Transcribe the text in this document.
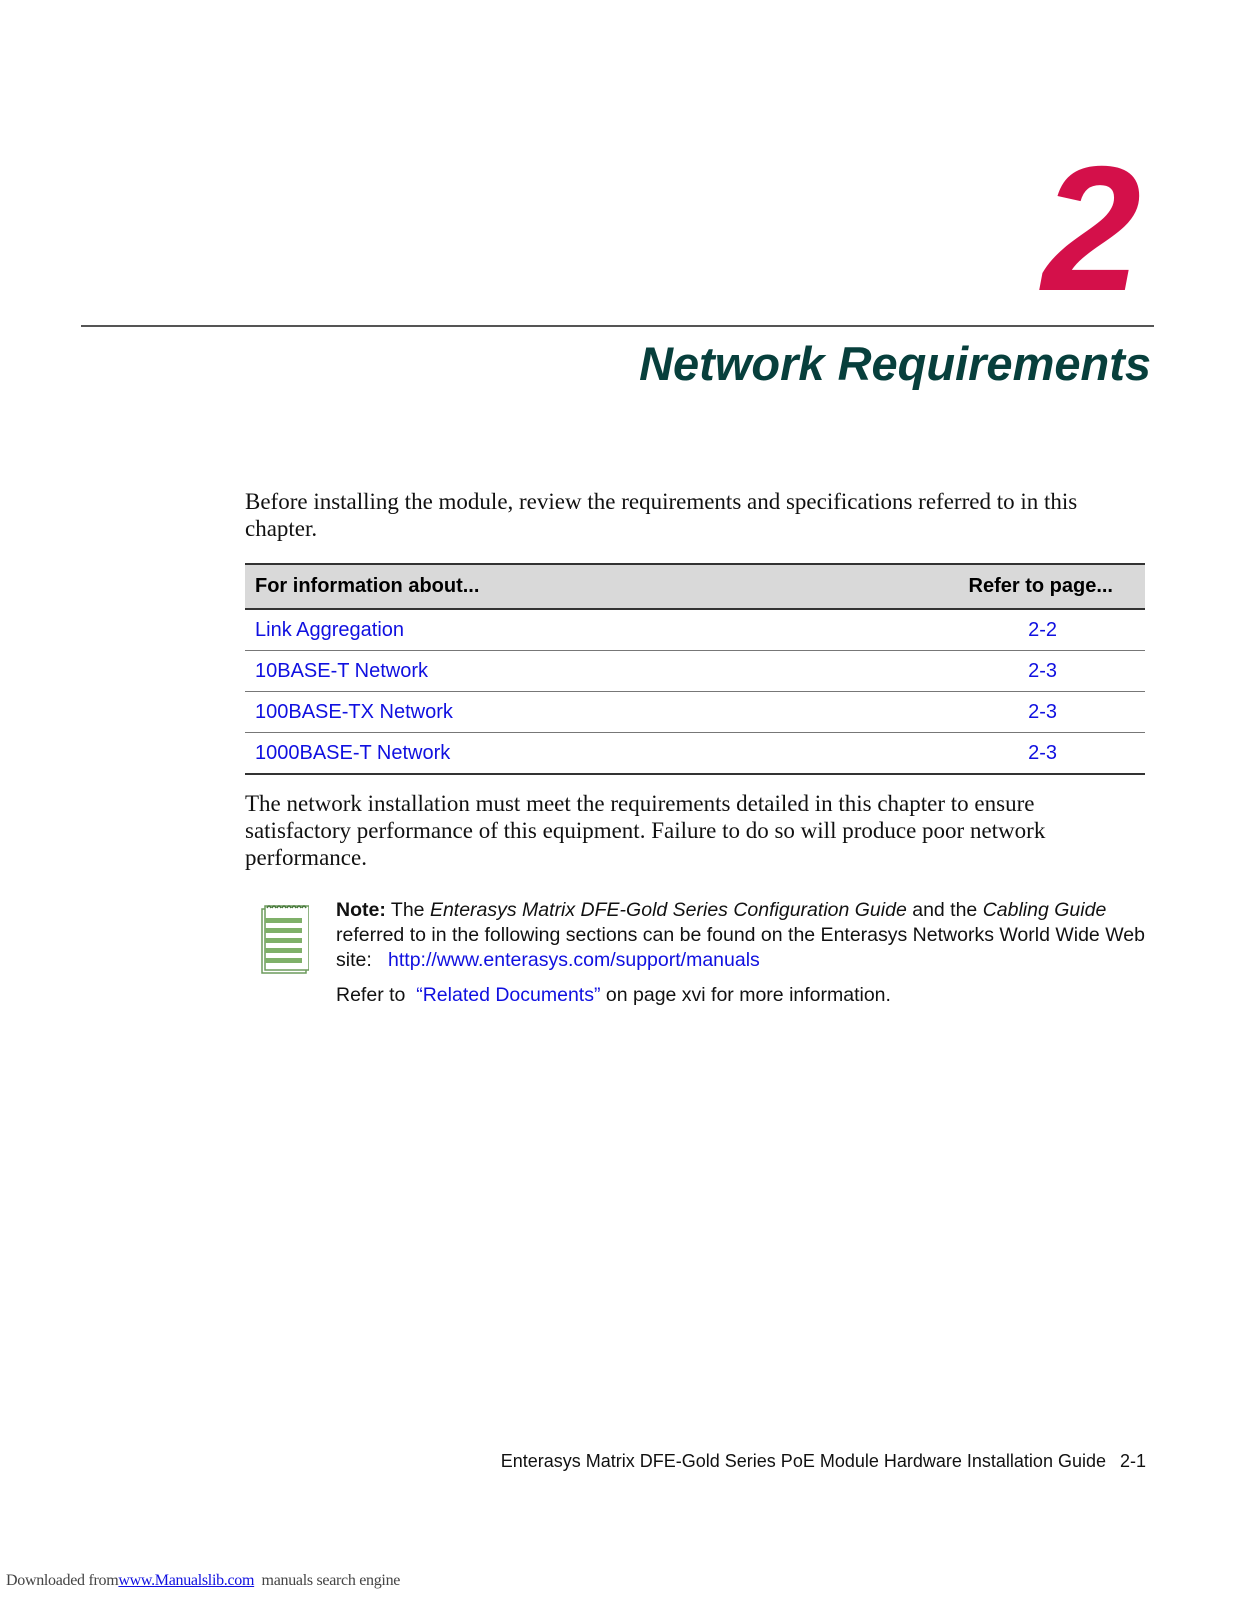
2
Network Requirements

Before installing the module, review the requirements and specifications referred to in this chapter.

For information about...	Refer to page...
Link Aggregation	2-2
10BASE-T Network	2-3
100BASE-TX Network	2-3
1000BASE-T Network	2-3

The network installation must meet the requirements detailed in this chapter to ensure satisfactory performance of this equipment. Failure to do so will produce poor network performance.

Note: The Enterasys Matrix DFE-Gold Series Configuration Guide and the Cabling Guide referred to in the following sections can be found on the Enterasys Networks World Wide Web site: http://www.enterasys.com/support/manuals
Refer to “Related Documents” on page xvi for more information.
Enterasys Matrix DFE-Gold Series PoE Module Hardware Installation Guide 2-1
Downloaded fromwww.Manualslib.com manuals search engine
